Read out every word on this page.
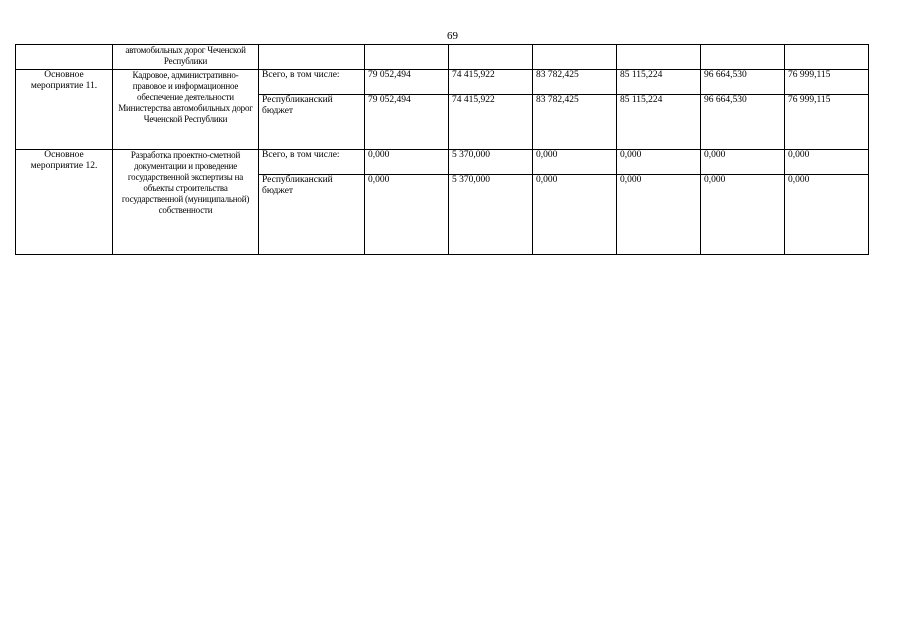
69
	автомобильных дорог Чеченской Республики							
Основное мероприятие 11.	Кадровое, административно-правовое и информационное обеспечение деятельности Министерства автомобильных дорог Чеченской Республики	Всего, в том числе:	79 052,494	74 415,922	83 782,425	85 115,224	96 664,530	76 999,115
		Республиканский бюджет	79 052,494	74 415,922	83 782,425	85 115,224	96 664,530	76 999,115
Основное мероприятие 12.	Разработка проектно-сметной документации и проведение государственной экспертизы на объекты строительства государственной (муниципальной) собственности	Всего, в том числе:	0,000	5 370,000	0,000	0,000	0,000	0,000
		Республиканский бюджет	0,000	5 370,000	0,000	0,000	0,000	0,000
